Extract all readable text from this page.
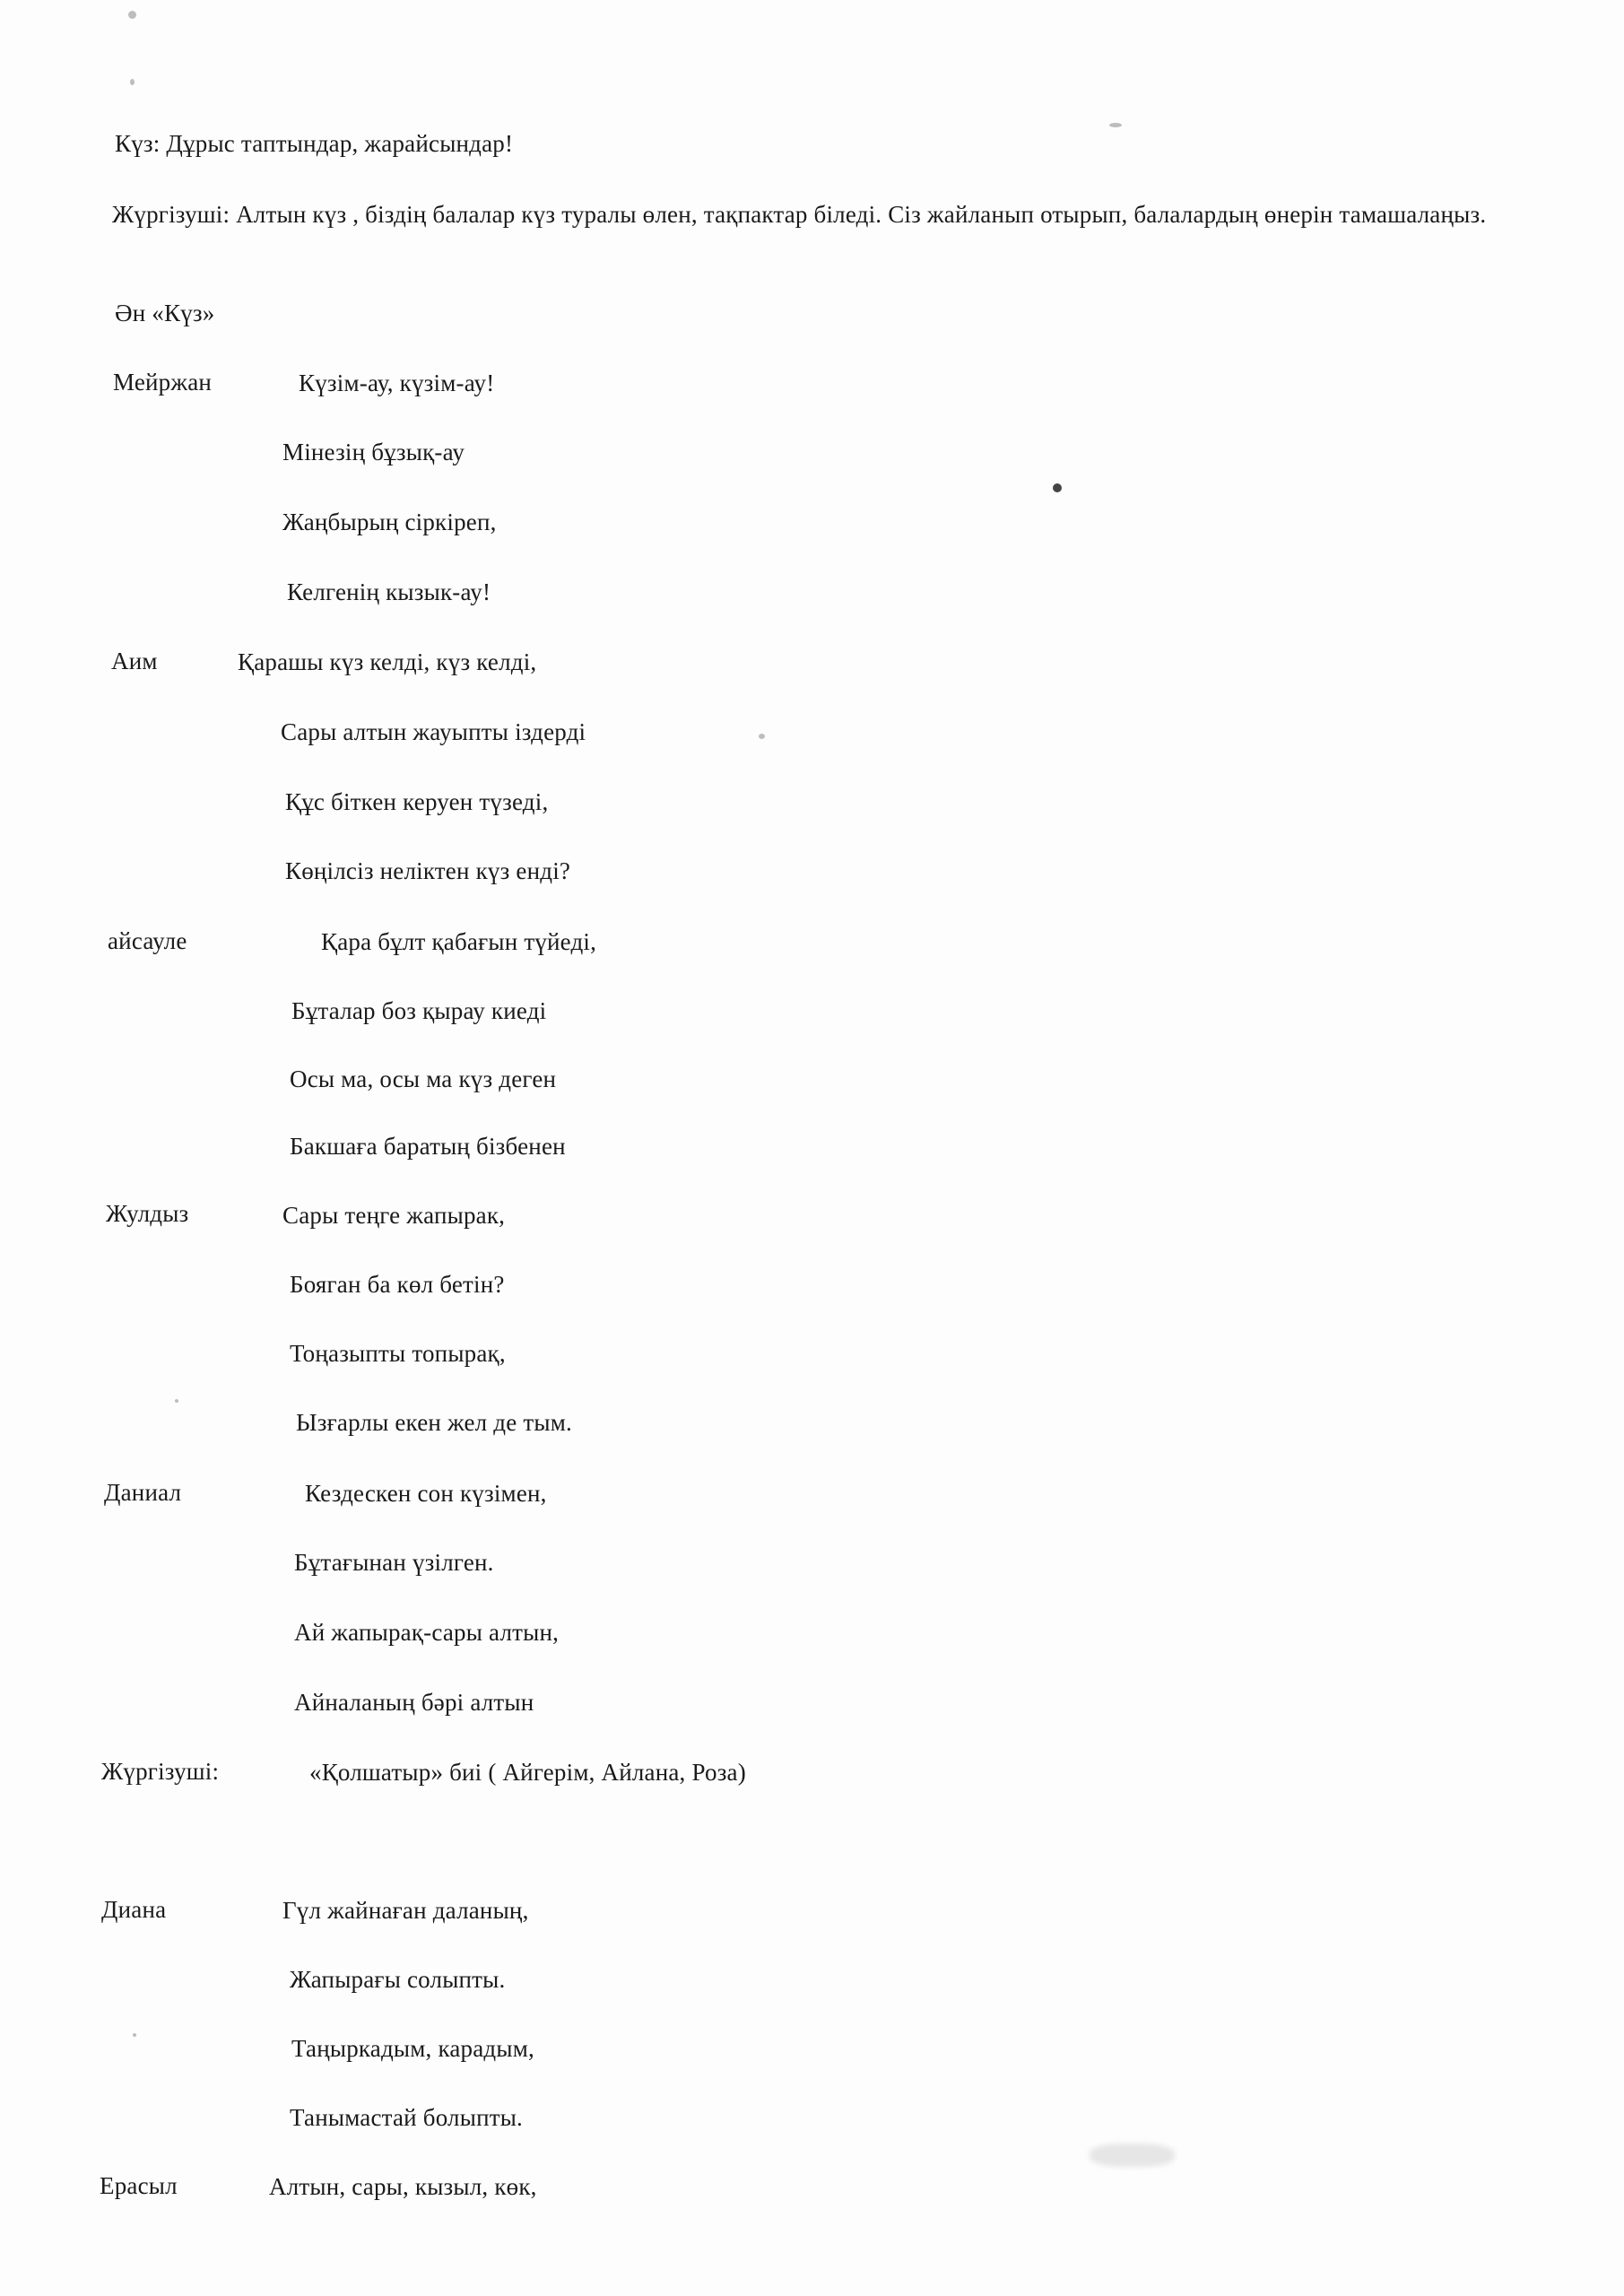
Күз: Дұрыс таптындар, жарайсындар!
Жүргізуші: Алтын күз , біздің балалар күз туралы өлен, тақпактар біледі. Сіз жайланып отырып, балалардың өнерін тамашалаңыз.
Ән «Күз»
Мейржан	Күзім-ау, күзім-ау!
Мінезің бұзық-ау
Жаңбырың сіркіреп,
Келгенің кызык-ау!
Аим	Қарашы күз келді, күз келді,
Сары алтын жауыпты іздерді
Құс біткен керуен түзеді,
Көңілсіз неліктен күз енді?
айсауле	Қара бұлт қабағын түйеді,
Бұталар боз қырау киеді
Осы ма, осы ма күз деген
Бакшаға баратың бізбенен
Жулдыз	Сары теңге жапырак,
Бояган ба көл бетін?
Тоңазыпты топырақ,
Ызғарлы екен жел де тым.
Даниал	Кездескен сон күзімен,
Бұтағынан үзілген.
Ай жапырақ-сары алтын,
Айналаның бәрі алтын
Жүргізуші:	«Қолшатыр» биі ( Айгерім, Айлана, Роза)
Диана	Гүл жайнаған даланың,
Жапырағы солыпты.
Таңыркадым, карадым,
Танымастай болыпты.
Ерасыл	Алтын, сары, кызыл, көк,
